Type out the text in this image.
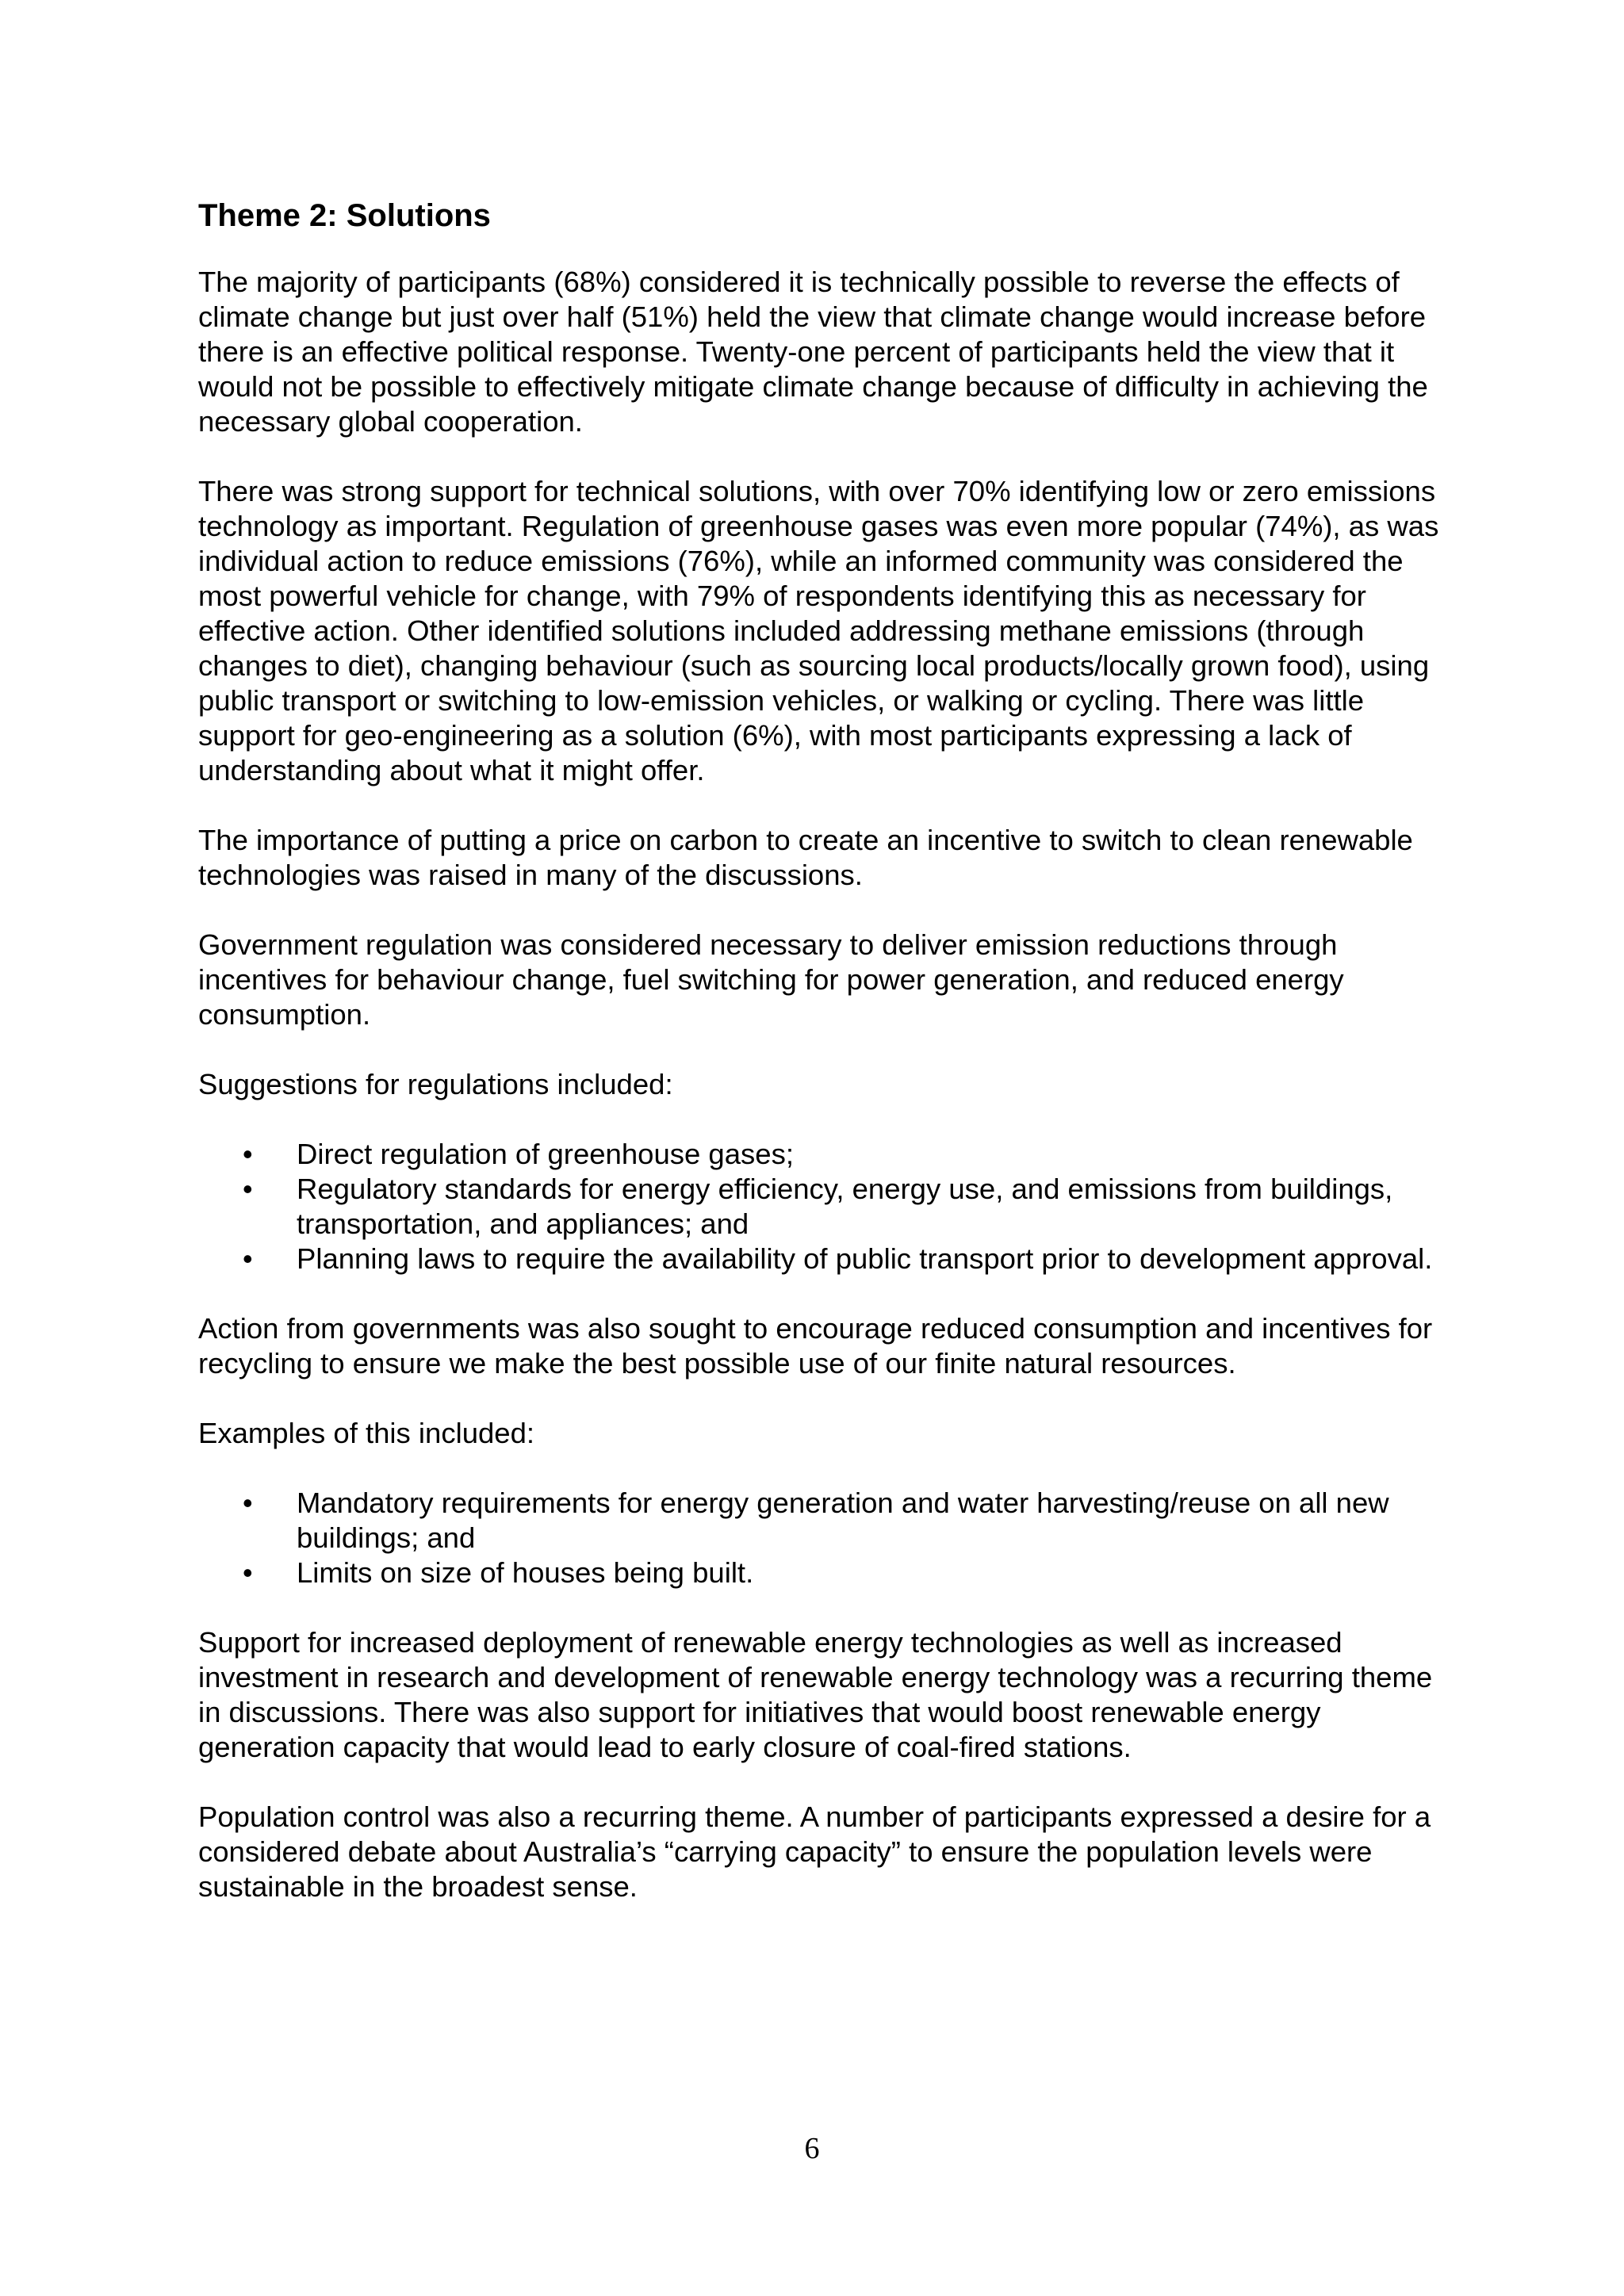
Theme 2: Solutions

The majority of participants (68%) considered it is technically possible to reverse the effects of climate change but just over half (51%) held the view that climate change would increase before there is an effective political response. Twenty-one percent of participants held the view that it would not be possible to effectively mitigate climate change because of difficulty in achieving the necessary global cooperation.

There was strong support for technical solutions, with over 70% identifying low or zero emissions technology as important. Regulation of greenhouse gases was even more popular (74%), as was individual action to reduce emissions (76%), while an informed community was considered the most powerful vehicle for change, with 79% of respondents identifying this as necessary for effective action. Other identified solutions included addressing methane emissions (through changes to diet), changing behaviour (such as sourcing local products/locally grown food), using public transport or switching to low-emission vehicles, or walking or cycling. There was little support for geo-engineering as a solution (6%), with most participants expressing a lack of understanding about what it might offer.

The importance of putting a price on carbon to create an incentive to switch to clean renewable technologies was raised in many of the discussions.

Government regulation was considered necessary to deliver emission reductions through incentives for behaviour change, fuel switching for power generation, and reduced energy consumption.

Suggestions for regulations included:

• Direct regulation of greenhouse gases;
• Regulatory standards for energy efficiency, energy use, and emissions from buildings, transportation, and appliances; and
• Planning laws to require the availability of public transport prior to development approval.

Action from governments was also sought to encourage reduced consumption and incentives for recycling to ensure we make the best possible use of our finite natural resources.

Examples of this included:

• Mandatory requirements for energy generation and water harvesting/reuse on all new buildings; and
• Limits on size of houses being built.

Support for increased deployment of renewable energy technologies as well as increased investment in research and development of renewable energy technology was a recurring theme in discussions. There was also support for initiatives that would boost renewable energy generation capacity that would lead to early closure of coal-fired stations.

Population control was also a recurring theme. A number of participants expressed a desire for a considered debate about Australia’s “carrying capacity” to ensure the population levels were sustainable in the broadest sense.

6
